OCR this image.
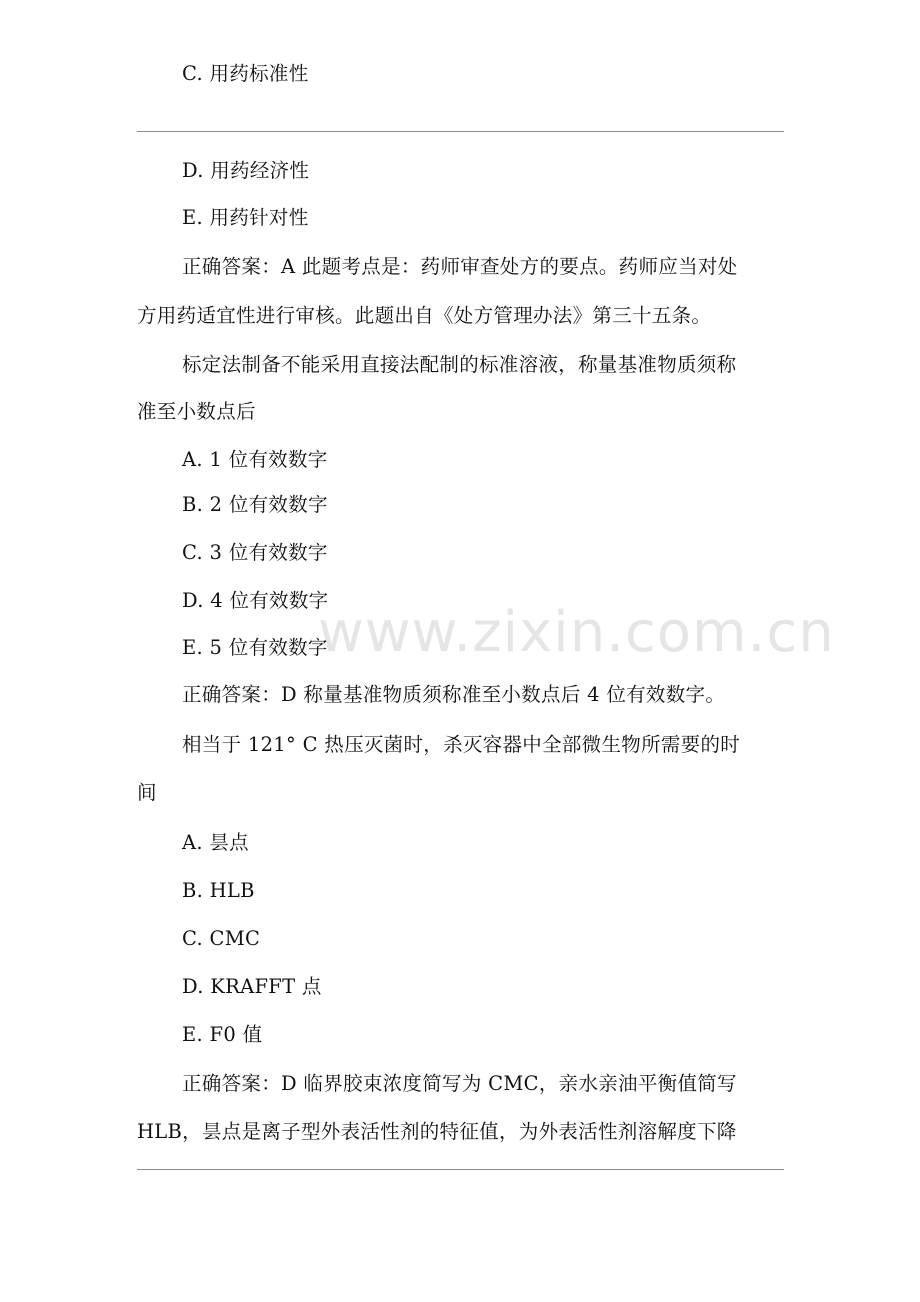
C. 用药标准性
D. 用药经济性
E. 用药针对性
正确答案：A 此题考点是：药师审查处方的要点。药师应当对处
方用药适宜性进行审核。此题出自《处方管理办法》第三十五条。
标定法制备不能采用直接法配制的标准溶液，称量基准物质须称
准至小数点后
A. 1 位有效数字
B. 2 位有效数字
C. 3 位有效数字
D. 4 位有效数字
E. 5 位有效数字
正确答案：D 称量基准物质须称准至小数点后 4 位有效数字。
相当于 121° C 热压灭菌时，杀灭容器中全部微生物所需要的时
间
A. 昙点
B. HLB
C. CMC
D. KRAFFT 点
E. F0 值
正确答案：D 临界胶束浓度简写为 CMC，亲水亲油平衡值简写
HLB，昙点是离子型外表活性剂的特征值，为外表活性剂溶解度下降
www.zixin.com.cn
